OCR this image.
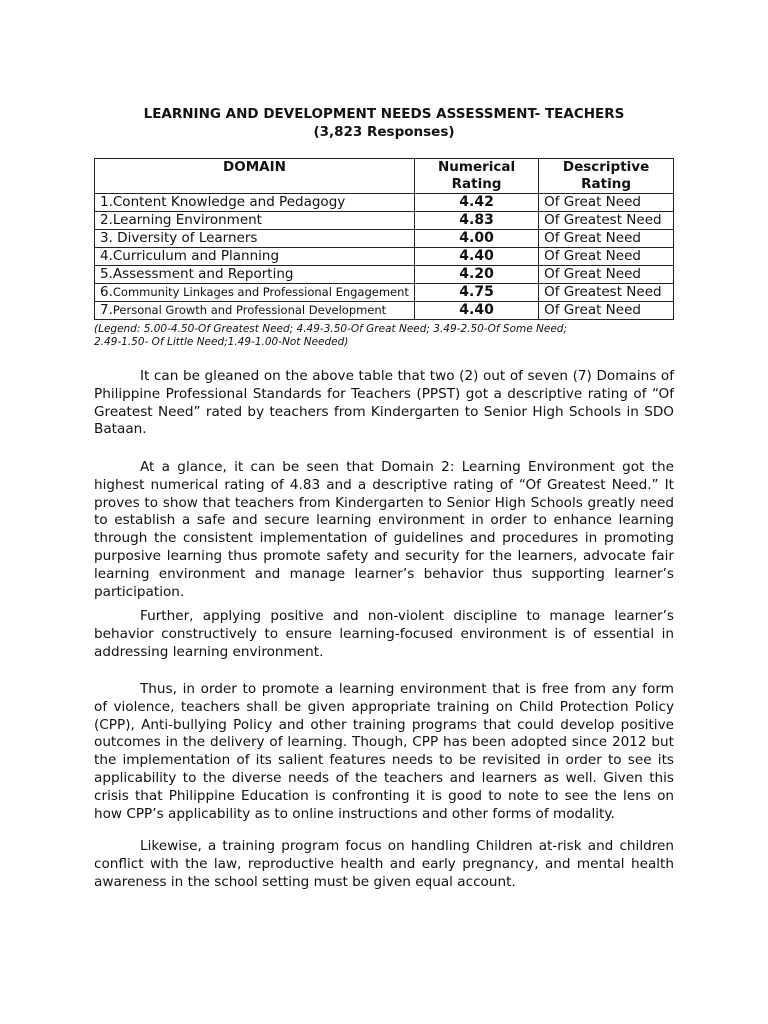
LEARNING AND DEVELOPMENT NEEDS ASSESSMENT- TEACHERS
(3,823 Responses)
DOMAIN	Numerical Rating	Descriptive Rating
1.Content Knowledge and Pedagogy	4.42	Of Great Need
2.Learning Environment	4.83	Of Greatest Need
3. Diversity of Learners	4.00	Of Great Need
4.Curriculum and Planning	4.40	Of Great Need
5.Assessment and Reporting	4.20	Of Great Need
6.Community Linkages and Professional Engagement	4.75	Of Greatest Need
7.Personal Growth and Professional Development	4.40	Of Great Need
(Legend: 5.00-4.50-Of Greatest Need; 4.49-3.50-Of Great Need; 3.49-2.50-Of Some Need;
2.49-1.50- Of Little Need;1.49-1.00-Not Needed)

It can be gleaned on the above table that two (2) out of seven (7) Domains of Philippine Professional Standards for Teachers (PPST) got a descriptive rating of “Of Greatest Need” rated by teachers from Kindergarten to Senior High Schools in SDO Bataan.

At a glance, it can be seen that Domain 2: Learning Environment got the highest numerical rating of 4.83 and a descriptive rating of “Of Greatest Need.” It proves to show that teachers from Kindergarten to Senior High Schools greatly need to establish a safe and secure learning environment in order to enhance learning through the consistent implementation of guidelines and procedures in promoting purposive learning thus promote safety and security for the learners, advocate fair learning environment and manage learner’s behavior thus supporting learner’s participation.

Further, applying positive and non-violent discipline to manage learner’s behavior constructively to ensure learning-focused environment is of essential in addressing learning environment.

Thus, in order to promote a learning environment that is free from any form of violence, teachers shall be given appropriate training on Child Protection Policy (CPP), Anti-bullying Policy and other training programs that could develop positive outcomes in the delivery of learning. Though, CPP has been adopted since 2012 but the implementation of its salient features needs to be revisited in order to see its applicability to the diverse needs of the teachers and learners as well. Given this crisis that Philippine Education is confronting it is good to note to see the lens on how CPP’s applicability as to online instructions and other forms of modality.

Likewise, a training program focus on handling Children at-risk and children conflict with the law, reproductive health and early pregnancy, and mental health awareness in the school setting must be given equal account.
